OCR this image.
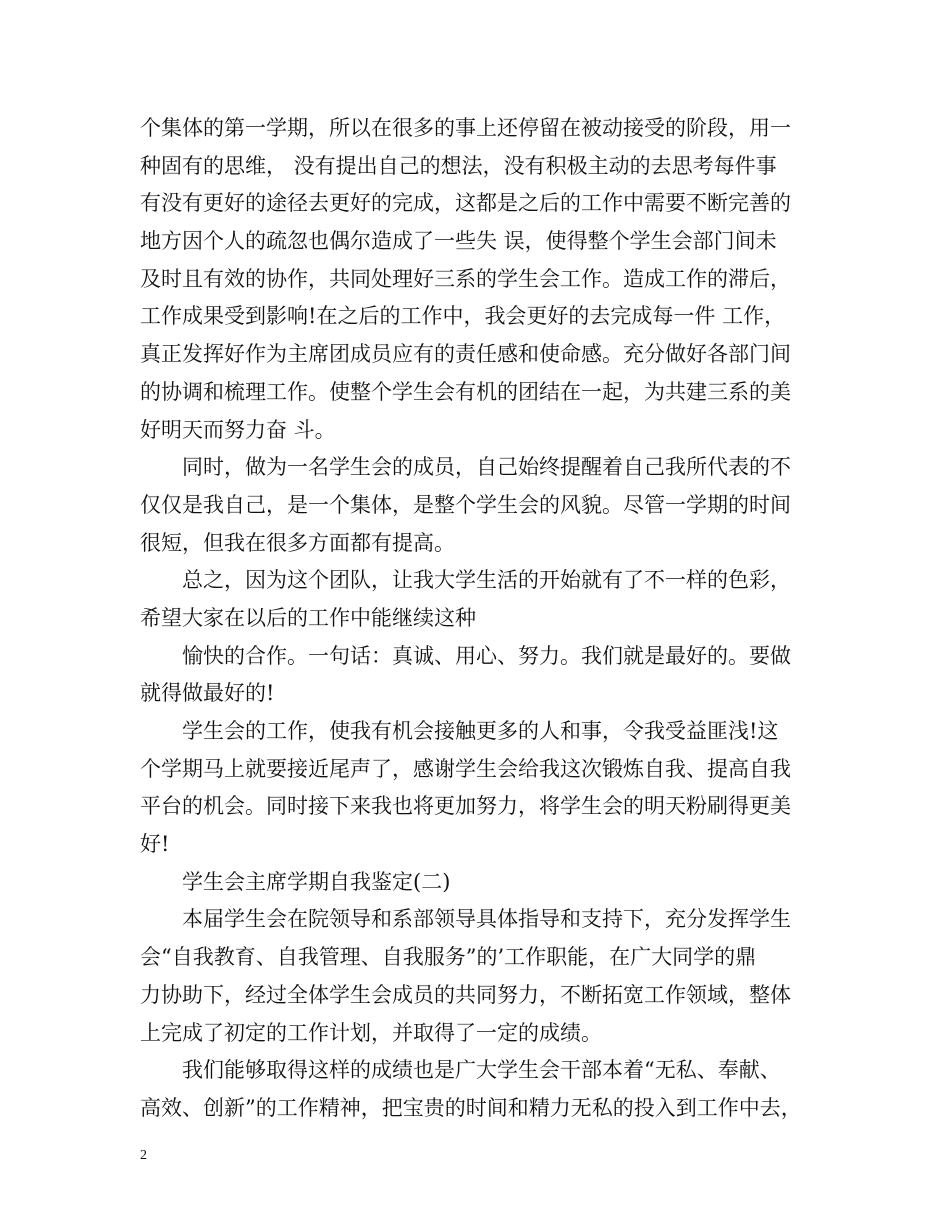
个集体的第一学期，所以在很多的事上还停留在被动接受的阶段，用一
种固有的思维， 没有提出自己的想法，没有积极主动的去思考每件事
有没有更好的途径去更好的完成，这都是之后的工作中需要不断完善的
地方因个人的疏忽也偶尔造成了一些失 误，使得整个学生会部门间未
及时且有效的协作，共同处理好三系的学生会工作。造成工作的滞后，
工作成果受到影响!在之后的工作中，我会更好的去完成每一件 工作，
真正发挥好作为主席团成员应有的责任感和使命感。充分做好各部门间
的协调和梳理工作。使整个学生会有机的团结在一起，为共建三系的美
好明天而努力奋 斗。
同时，做为一名学生会的成员，自己始终提醒着自己我所代表的不
仅仅是我自己，是一个集体，是整个学生会的风貌。尽管一学期的时间
很短，但我在很多方面都有提高。
总之，因为这个团队，让我大学生活的开始就有了不一样的色彩，
希望大家在以后的工作中能继续这种
愉快的合作。一句话：真诚、用心、努力。我们就是最好的。要做
就得做最好的!
学生会的工作，使我有机会接触更多的人和事，令我受益匪浅!这
个学期马上就要接近尾声了，感谢学生会给我这次锻炼自我、提高自我
平台的机会。同时接下来我也将更加努力，将学生会的明天粉刷得更美
好!
学生会主席学期自我鉴定(二)
本届学生会在院领导和系部领导具体指导和支持下，充分发挥学生
会“自我教育、自我管理、自我服务”的’工作职能，在广大同学的鼎
力协助下，经过全体学生会成员的共同努力，不断拓宽工作领域，整体
上完成了初定的工作计划，并取得了一定的成绩。
我们能够取得这样的成绩也是广大学生会干部本着“无私、奉献、
高效、创新”的工作精神，把宝贵的时间和精力无私的投入到工作中去，
2
